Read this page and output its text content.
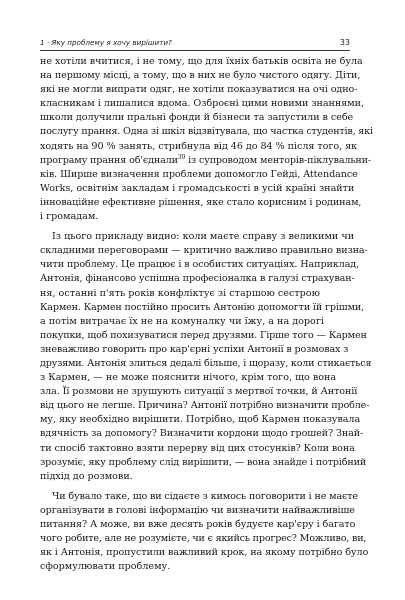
1 · Яку проблему я хочу вирішити?	33
не хотіли вчитися, і не тому, що для їхніх батьків освіта не була
на першому місці, а тому, що в них не було чистого одягу. Діти,
які не могли випрати одяг, не хотіли показуватися на очі одно-
класникам і лишалися вдома. Озброєні цими новими знаннями,
школи долучили пральні фонди й бізнеси та запустили в себе
послугу прання. Одна зі шкіл відзвітувала, що частка студентів, які
ходять на 90 % занять, стрибнула від 46 до 84 % після того, як
програму прання об'єднали$^{39}$ із супроводом менторів-піклувальни-
ків. Ширше визначення проблеми допомогло Гейді, Attendance
Works, освітнім закладам і громадськості в усій країні знайти
інноваційне ефективне рішення, яке стало корисним і родинам,
і громадам.
Із цього прикладу видно: коли маєте справу з великими чи
складними переговорами — критично важливо правильно визна-
чити проблему. Це працює і в особистих ситуаціях. Наприклад,
Антонія, фінансово успішна професіоналка в галузі страхуван-
ня, останні п'ять років конфліктує зі старшою сестрою
Кармен. Кармен постійно просить Антонію допомогти їй грішми,
а потім витрачає їх не на комуналку чи їжу, а на дорогі
покупки, щоб похизуватися перед друзями. Гірше того — Кармен
зневажливо говорить про кар'єрні успіхи Антонії в розмовах з
друзями. Антонія злиться дедалі більше, і щоразу, коли стикається
з Кармен, — не може пояснити нічого, крім того, що вона
зла. Її розмови не зрушують ситуації з мертвої точки, й Антонії
від цього не легше. Причина? Антонії потрібно визначити пробле-
му, яку необхідно вирішити. Потрібно, щоб Кармен показувала
вдячність за допомогу? Визначити кордони щодо грошей? Знай-
ти спосіб тактовно взяти перерву від цих стосунків? Коли вона
зрозуміє, яку проблему слід вирішити, — вона знайде і потрібний
підхід до розмови.
Чи бувало таке, що ви сідаєте з кимось поговорити і не маєте
організувати в голові інформацію чи визначити найважливіше
питання? А може, ви вже десять років будуєте кар'єру і багато
чого робите, але не розумієте, чи є якийсь прогрес? Можливо, ви,
як і Антонія, пропустили важливий крок, на якому потрібно було
сформулювати проблему.
